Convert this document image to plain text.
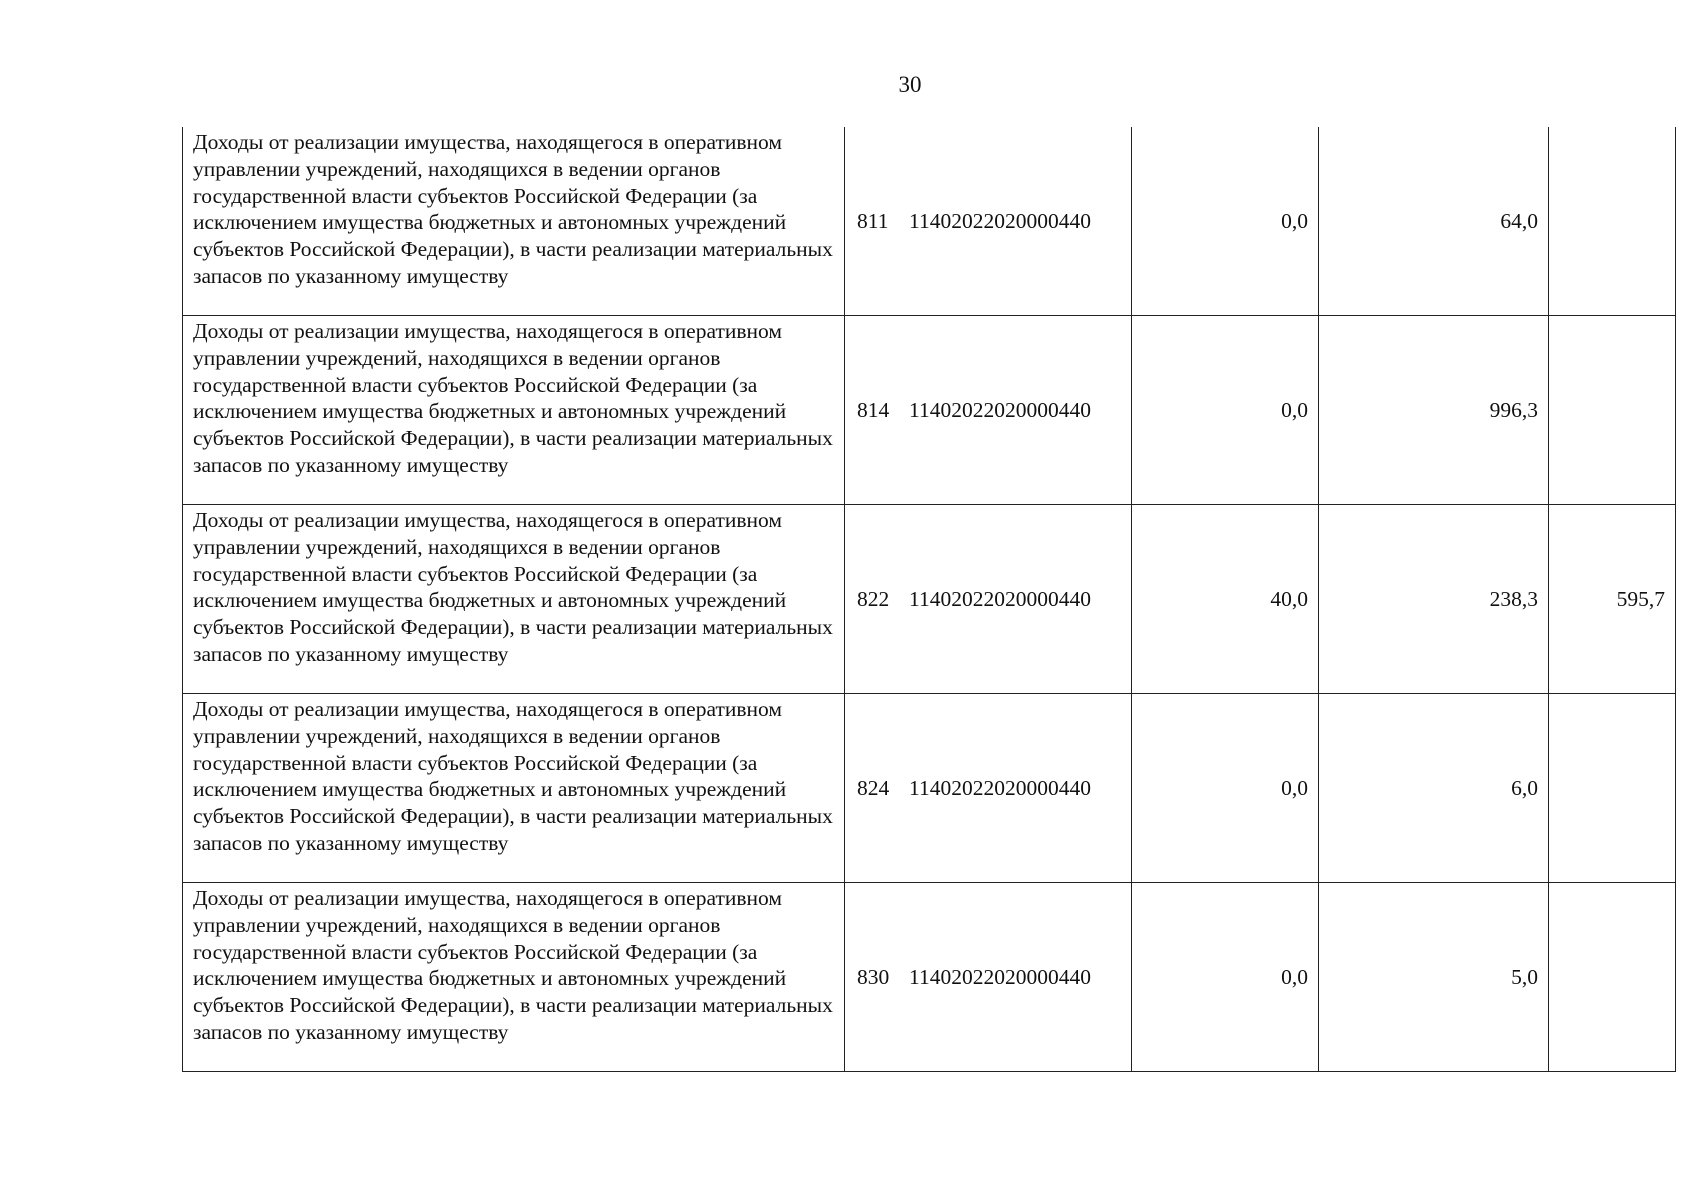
30
Доходы от реализации имущества, находящегося в оперативном управлении учреждений, находящихся в ведении органов государственной власти субъектов Российской Федерации (за исключением имущества бюджетных и автономных учреждений субъектов Российской Федерации), в части реализации материальных запасов по указанному имуществу	811 11402022020000440	0,0	64,0	

Доходы от реализации имущества, находящегося в оперативном управлении учреждений, находящихся в ведении органов государственной власти субъектов Российской Федерации (за исключением имущества бюджетных и автономных учреждений субъектов Российской Федерации), в части реализации материальных запасов по указанному имуществу	814 11402022020000440	0,0	996,3	

Доходы от реализации имущества, находящегося в оперативном управлении учреждений, находящихся в ведении органов государственной власти субъектов Российской Федерации (за исключением имущества бюджетных и автономных учреждений субъектов Российской Федерации), в части реализации материальных запасов по указанному имуществу	822 11402022020000440	40,0	238,3	595,7

Доходы от реализации имущества, находящегося в оперативном управлении учреждений, находящихся в ведении органов государственной власти субъектов Российской Федерации (за исключением имущества бюджетных и автономных учреждений субъектов Российской Федерации), в части реализации материальных запасов по указанному имуществу	824 11402022020000440	0,0	6,0	

Доходы от реализации имущества, находящегося в оперативном управлении учреждений, находящихся в ведении органов государственной власти субъектов Российской Федерации (за исключением имущества бюджетных и автономных учреждений субъектов Российской Федерации), в части реализации материальных запасов по указанному имуществу	830 11402022020000440	0,0	5,0	
